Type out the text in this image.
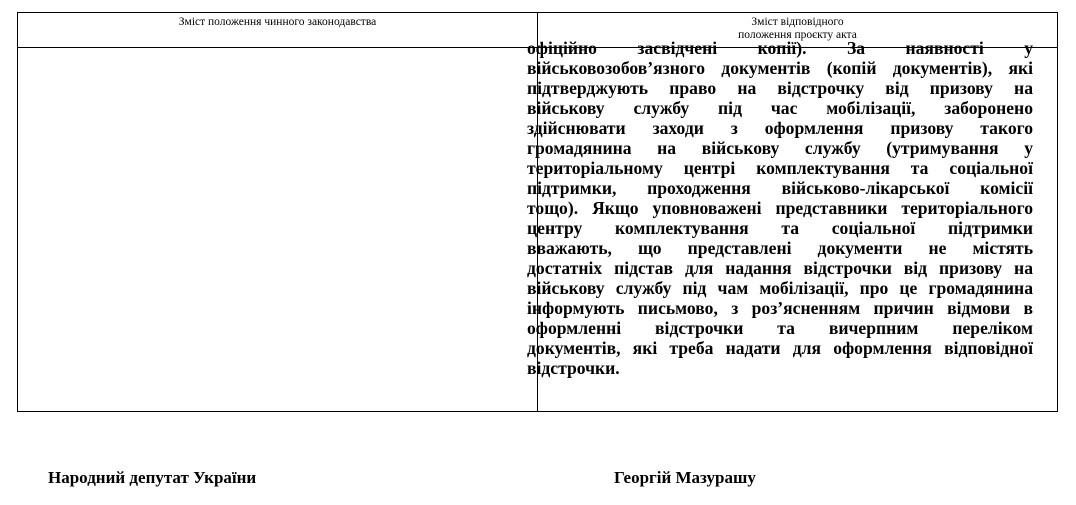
Зміст положення чинного законодавства	Зміст відповідного
положення проєкту акта
офіційно засвідчені копії). За наявності у
військовозобов’язного документів (копій документів), які
підтверджують право на відстрочку від призову на
військову службу під час мобілізації, заборонено
здійснювати заходи з оформлення призову такого
громадянина на військову службу (утримування у
територіальному центрі комплектування та соціальної
підтримки, проходження військово-лікарської комісії
тощо). Якщо уповноважені представники територіального
центру комплектування та соціальної підтримки
вважають, що представлені документи не містять
достатніх підстав для надання відстрочки від призову на
військову службу під чам мобілізації, про це громадянина
інформують письмово, з роз’ясненням причин відмови в
оформленні відстрочки та вичерпним переліком
документів, які треба надати для оформлення відповідної
відстрочки.
Народний депутат України	Георгій Мазурашу
